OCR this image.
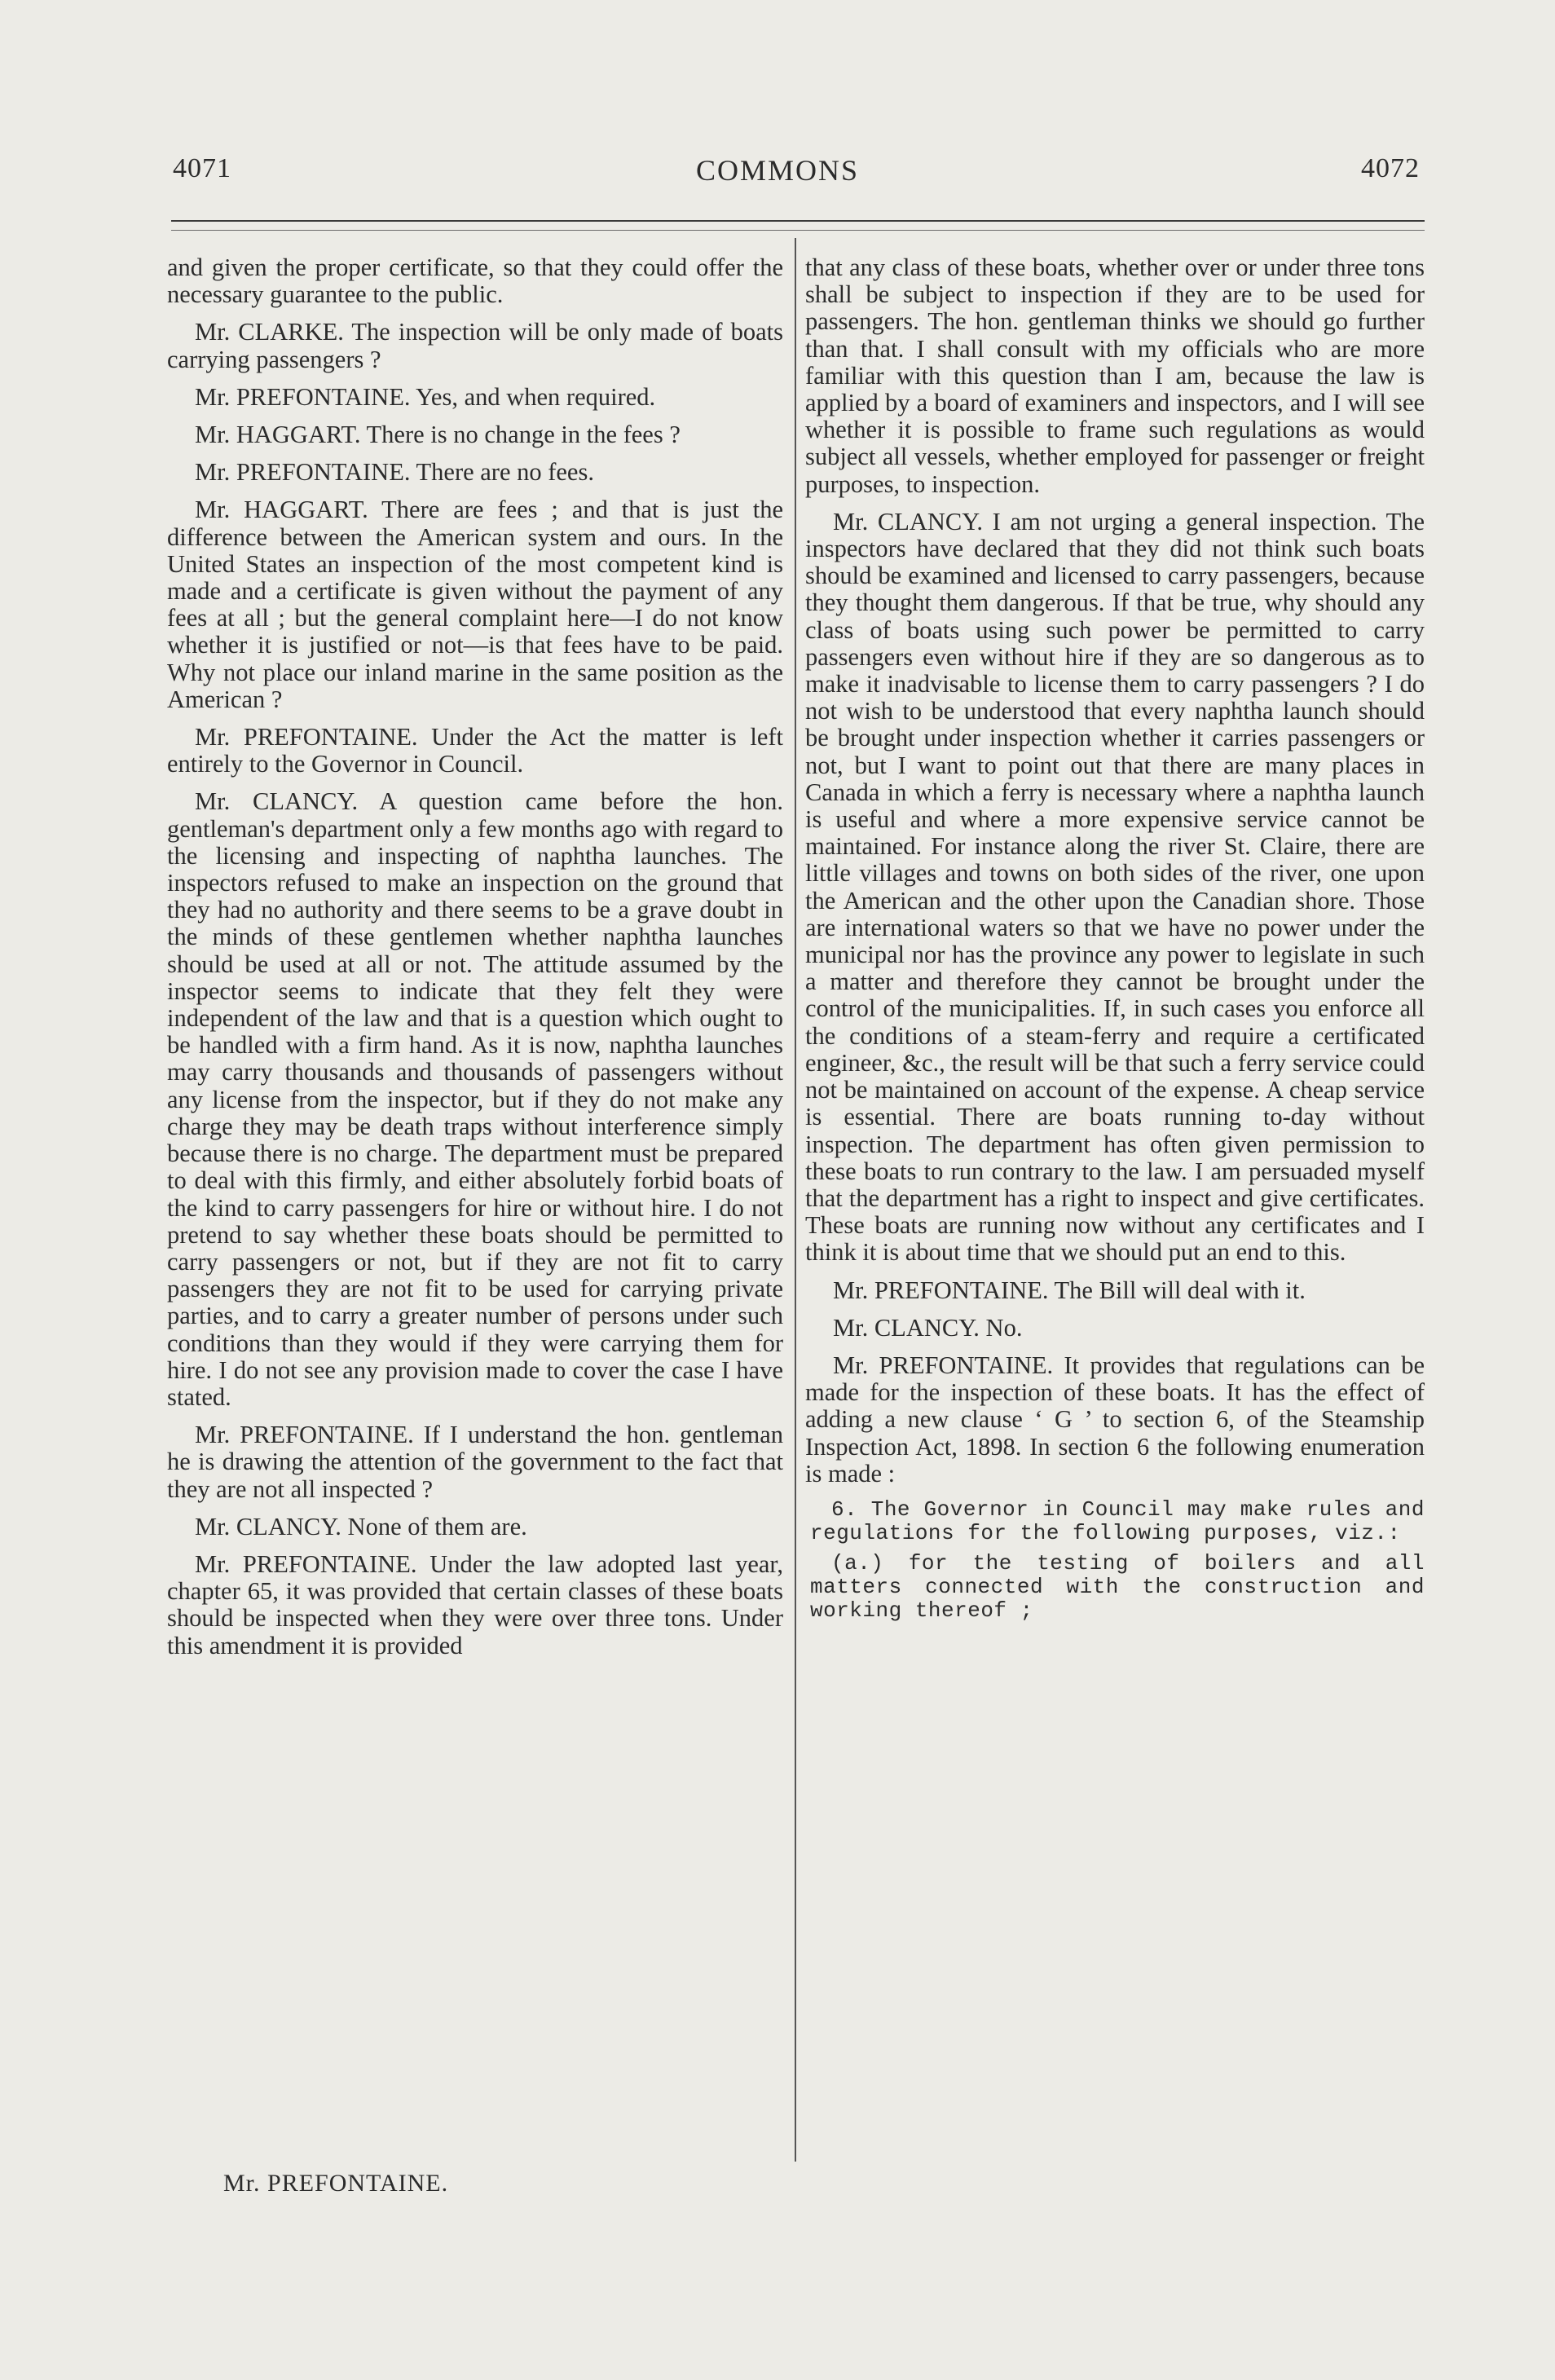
4071	COMMONS	4072

and given the proper certificate, so that they could offer the necessary guarantee to the public.

Mr. CLARKE. The inspection will be only made of boats carrying passengers ?

Mr. PREFONTAINE. Yes, and when required.

Mr. HAGGART. There is no change in the fees ?

Mr. PREFONTAINE. There are no fees.

Mr. HAGGART. There are fees ; and that is just the difference between the American system and ours. In the United States an inspection of the most competent kind is made and a certificate is given without the payment of any fees at all ; but the general complaint here—I do not know whether it is justified or not—is that fees have to be paid. Why not place our inland marine in the same position as the American ?

Mr. PREFONTAINE. Under the Act the matter is left entirely to the Governor in Council.

Mr. CLANCY. A question came before the hon. gentleman's department only a few months ago with regard to the licensing and inspecting of naphtha launches. The inspectors refused to make an inspection on the ground that they had no authority and there seems to be a grave doubt in the minds of these gentlemen whether naphtha launches should be used at all or not. The attitude assumed by the inspector seems to indicate that they felt they were independent of the law and that is a question which ought to be handled with a firm hand. As it is now, naphtha launches may carry thousands and thousands of passengers without any license from the inspector, but if they do not make any charge they may be death traps without interference simply because there is no charge. The department must be prepared to deal with this firmly, and either absolutely forbid boats of the kind to carry passengers for hire or without hire. I do not pretend to say whether these boats should be permitted to carry passengers or not, but if they are not fit to carry passengers they are not fit to be used for carrying private parties, and to carry a greater number of persons under such conditions than they would if they were carrying them for hire. I do not see any provision made to cover the case I have stated.

Mr. PREFONTAINE. If I understand the hon. gentleman he is drawing the attention of the government to the fact that they are not all inspected ?

Mr. CLANCY. None of them are.

Mr. PREFONTAINE. Under the law adopted last year, chapter 65, it was provided that certain classes of these boats should be inspected when they were over three tons. Under this amendment it is provided

that any class of these boats, whether over or under three tons shall be subject to inspection if they are to be used for passengers. The hon. gentleman thinks we should go further than that. I shall consult with my officials who are more familiar with this question than I am, because the law is applied by a board of examiners and inspectors, and I will see whether it is possible to frame such regulations as would subject all vessels, whether employed for passenger or freight purposes, to inspection.

Mr. CLANCY. I am not urging a general inspection. The inspectors have declared that they did not think such boats should be examined and licensed to carry passengers, because they thought them dangerous. If that be true, why should any class of boats using such power be permitted to carry passengers even without hire if they are so dangerous as to make it inadvisable to license them to carry passengers ? I do not wish to be understood that every naphtha launch should be brought under inspection whether it carries passengers or not, but I want to point out that there are many places in Canada in which a ferry is necessary where a naphtha launch is useful and where a more expensive service cannot be maintained. For instance along the river St. Claire, there are little villages and towns on both sides of the river, one upon the American and the other upon the Canadian shore. Those are international waters so that we have no power under the municipal nor has the province any power to legislate in such a matter and therefore they cannot be brought under the control of the municipalities. If, in such cases you enforce all the conditions of a steam-ferry and require a certificated engineer, &c., the result will be that such a ferry service could not be maintained on account of the expense. A cheap service is essential. There are boats running to-day without inspection. The department has often given permission to these boats to run contrary to the law. I am persuaded myself that the department has a right to inspect and give certificates. These boats are running now without any certificates and I think it is about time that we should put an end to this.

Mr. PREFONTAINE. The Bill will deal with it.

Mr. CLANCY. No.

Mr. PREFONTAINE. It provides that regulations can be made for the inspection of these boats. It has the effect of adding a new clause ‘ G ’ to section 6, of the Steamship Inspection Act, 1898. In section 6 the following enumeration is made :

6. The Governor in Council may make rules and regulations for the following purposes, viz.:

(a.) for the testing of boilers and all matters connected with the construction and working thereof ;

Mr. PREFONTAINE.
